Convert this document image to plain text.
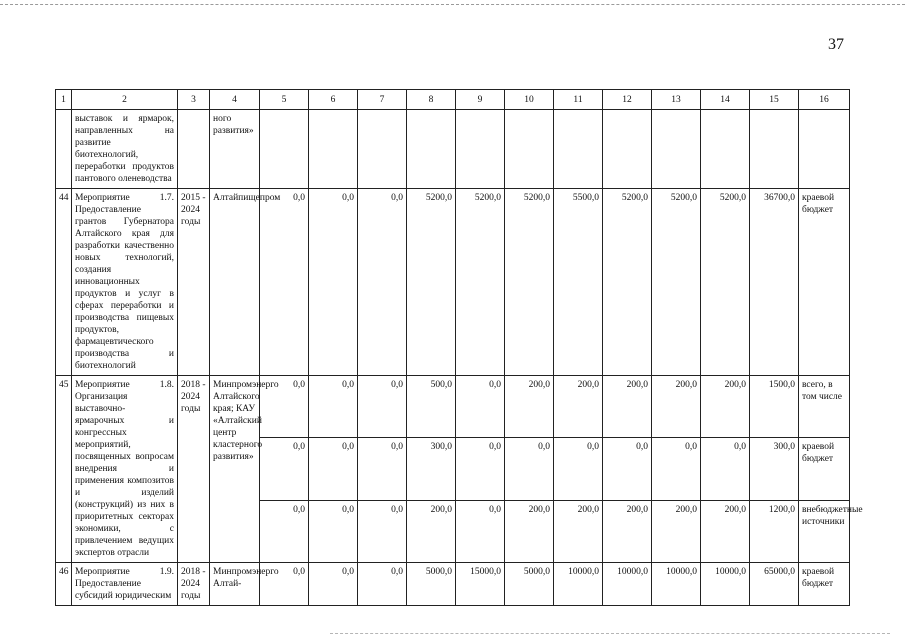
37
1	2	3	4	5	6	7	8	9	10	11	12	13	14	15	16
	выставок и ярмарок, направленных на развитие биотехнологий, переработки продуктов пантового оленеводства		ного развития»												
44	Мероприятие 1.7. Предоставление грантов Губернатора Алтайского края для разработки качественно новых технологий, создания инновационных продуктов и услуг в сферах переработки и производства пищевых продуктов, фармацевтического производства и биотехнологий	2015 - 2024 годы	Алтайпищепром	0,0	0,0	0,0	5200,0	5200,0	5200,0	5500,0	5200,0	5200,0	5200,0	36700,0	краевой бюджет
45	Мероприятие 1.8. Организация выставочно-ярмарочных и конгрессных мероприятий, посвященных вопросам внедрения и применения композитов и изделий (конструкций) из них в приоритетных секторах экономики, с привлечением ведущих экспертов отрасли	2018 - 2024 годы	Минпромэнерго Алтайского края; КАУ «Алтайский центр кластерного развития»	0,0	0,0	0,0	500,0	0,0	200,0	200,0	200,0	200,0	200,0	1500,0	всего, в том числе
				0,0	0,0	0,0	300,0	0,0	0,0	0,0	0,0	0,0	0,0	300,0	краевой бюджет
				0,0	0,0	0,0	200,0	0,0	200,0	200,0	200,0	200,0	200,0	1200,0	внебюджетные источники
46	Мероприятие 1.9. Предоставление субсидий юридическим	2018 - 2024 годы	Минпромэнерго Алтай-	0,0	0,0	0,0	5000,0	15000,0	5000,0	10000,0	10000,0	10000,0	10000,0	65000,0	краевой бюджет
